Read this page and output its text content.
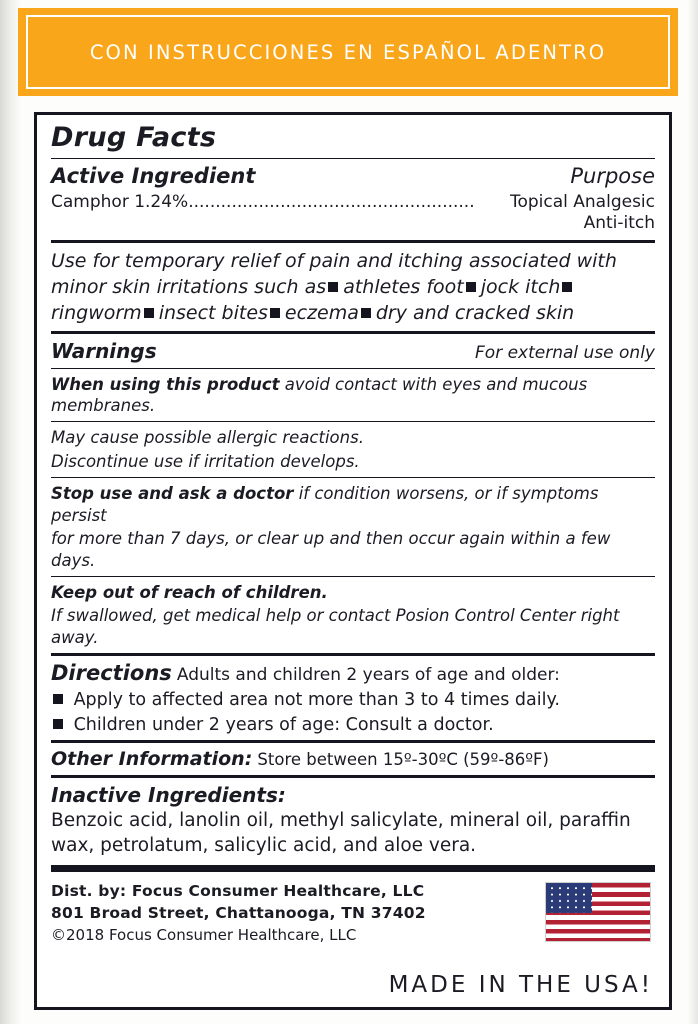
CON INSTRUCCIONES EN ESPAÑOL ADENTRO
Drug Facts
Active Ingredient	Purpose
Camphor 1.24%..................................................... Topical Analgesic
Anti-itch
Use for temporary relief of pain and itching associated with minor skin irritations such as athletes foot jock itchringworm insect bites eczema dry and cracked skin
Warnings	For external use only
When using this product avoid contact with eyes and mucous membranes.
May cause possible allergic reactions.
Discontinue use if irritation develops.
Stop use and ask a doctor if condition worsens, or if symptoms persist
for more than 7 days, or clear up and then occur again within a few days.
Keep out of reach of children.
If swallowed, get medical help or contact Posion Control Center right away.
Directions Adults and children 2 years of age and older:
Apply to affected area not more than 3 to 4 times daily.
Children under 2 years of age: Consult a doctor.
Other Information: Store between 15º-30ºC (59º-86ºF)
Inactive Ingredients:
Benzoic acid, lanolin oil, methyl salicylate, mineral oil, paraffin wax, petrolatum, salicylic acid, and aloe vera.
Dist. by: Focus Consumer Healthcare, LLC
801 Broad Street, Chattanooga, TN 37402
©2018 Focus Consumer Healthcare, LLC
MADE IN THE USA!
